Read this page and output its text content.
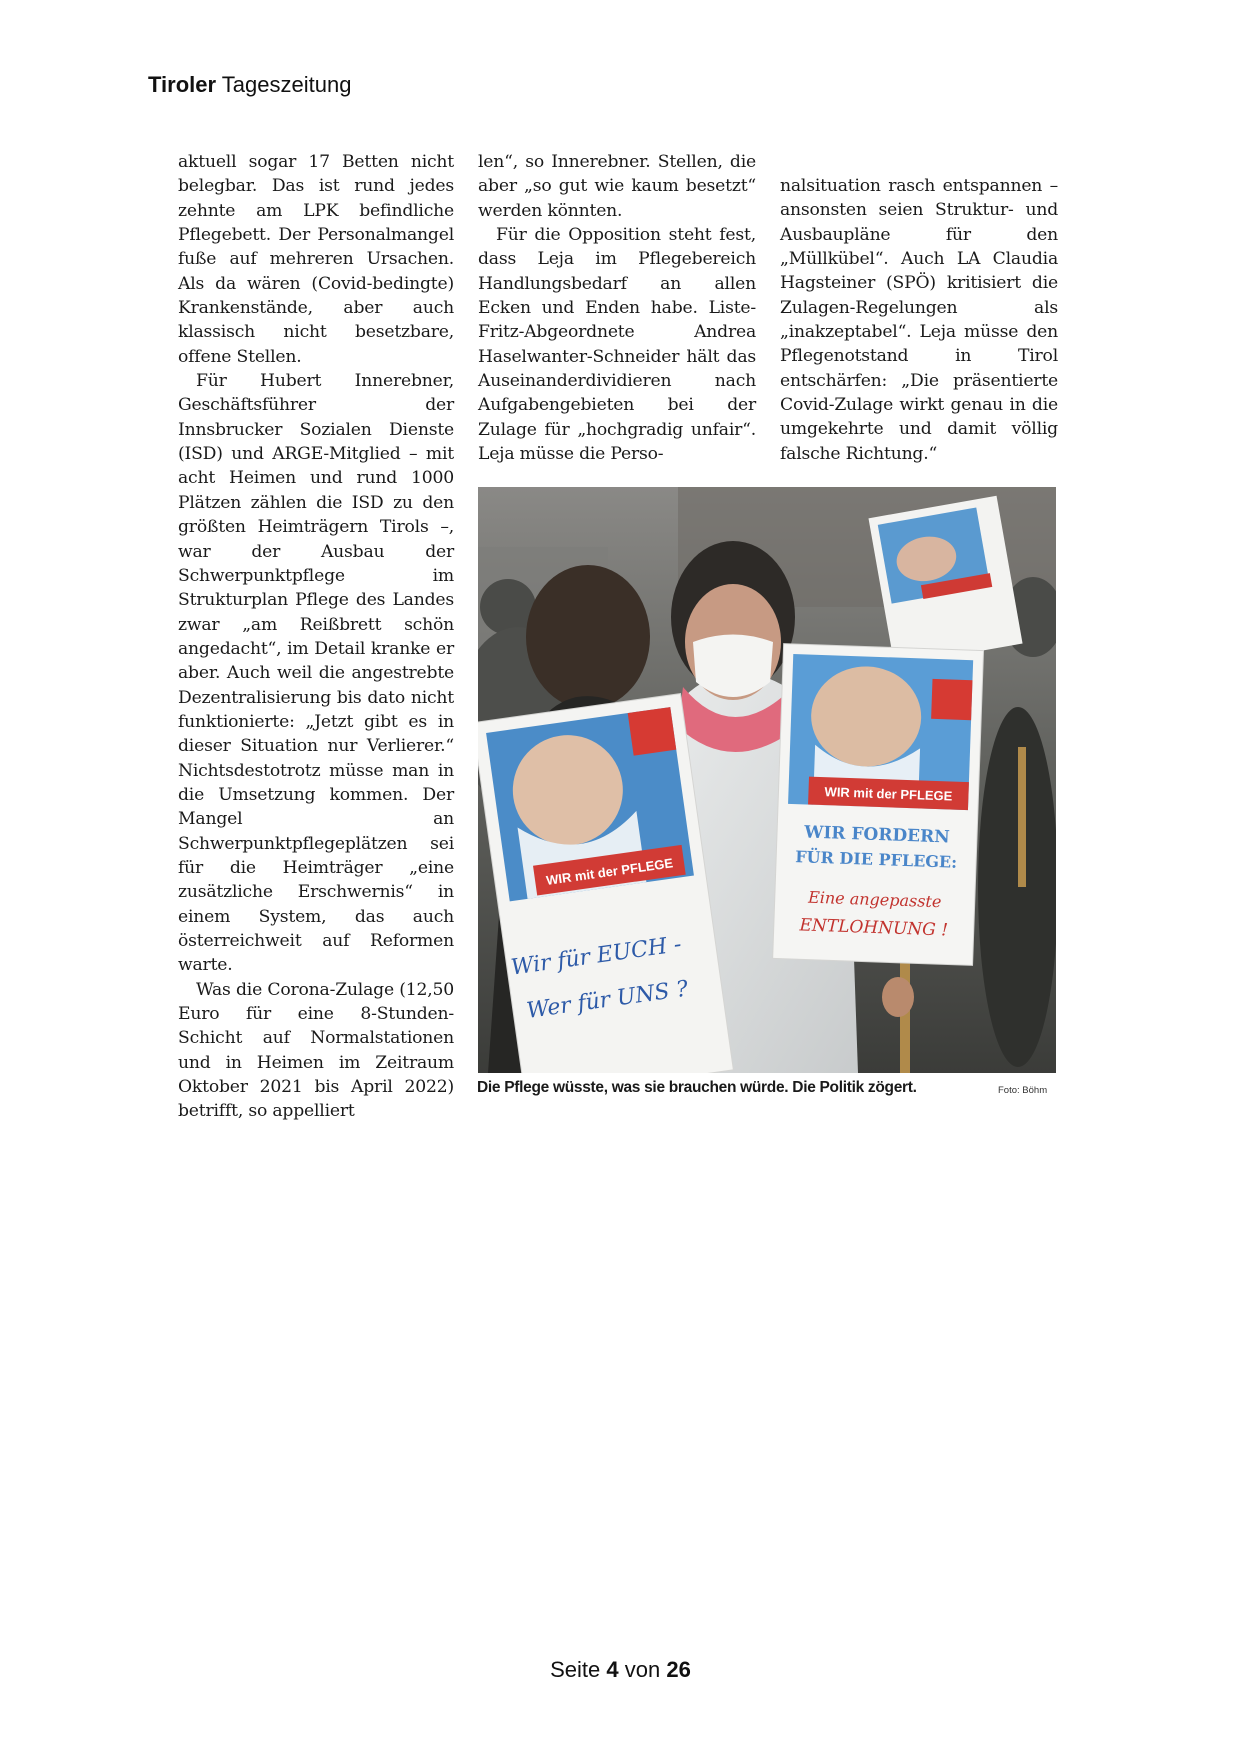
Tiroler Tageszeitung

aktuell sogar 17 Betten nicht belegbar. Das ist rund jedes zehnte am LPK befindliche Pflegebett. Der Personalmangel fuße auf mehreren Ursachen. Als da wären (Covid-bedingte) Krankenstände, aber auch klassisch nicht besetzbare, offene Stellen.

Für Hubert Innerebner, Geschäftsführer der Innsbrucker Sozialen Dienste (ISD) und ARGE-Mitglied – mit acht Heimen und rund 1000 Plätzen zählen die ISD zu den größten Heimträgern Tirols –, war der Ausbau der Schwerpunktpflege im Strukturplan Pflege des Landes zwar „am Reißbrett schön angedacht“, im Detail kranke er aber. Auch weil die angestrebte Dezentralisierung bis dato nicht funktionierte: „Jetzt gibt es in dieser Situation nur Verlierer.“ Nichtsdestotrotz müsse man in die Umsetzung kommen. Der Mangel an Schwerpunktpflegeplätzen sei für die Heimträger „eine zusätzliche Erschwernis“ in einem System, das auch österreichweit auf Reformen warte.

Was die Corona-Zulage (12,50 Euro für eine 8-Stunden-Schicht auf Normalstationen und in Heimen im Zeitraum Oktober 2021 bis April 2022) betrifft, so appelliert

len“, so Innerebner. Stellen, die aber „so gut wie kaum besetzt“ werden könnten.

Für die Opposition steht fest, dass Leja im Pflegebereich Handlungsbedarf an allen Ecken und Enden habe. Liste-Fritz-Abgeordnete Andrea Haselwanter-Schneider hält das Auseinanderdividieren nach Aufgabengebieten bei der Zulage für „hochgradig unfair“. Leja müsse die Perso-

nalsituation rasch entspannen – ansonsten seien Struktur- und Ausbaupläne für den „Müllkübel“. Auch LA Claudia Hagsteiner (SPÖ) kritisiert die Zulagen-Regelungen als „inakzeptabel“. Leja müsse den Pflegenotstand in Tirol entschärfen: „Die präsentierte Covid-Zulage wirkt genau in die umgekehrte und damit völlig falsche Richtung.“

WIR mit der PFLEGE
Wir für EUCH -
Wer für UNS ?
WIR mit der PFLEGE
WIR FORDERN
FÜR DIE PFLEGE:
Eine angepasste
ENTLOHNUNG !
Die Pflege wüsste, was sie brauchen würde. Die Politik zögert.	Foto: Böhm
Seite 4 von 26
